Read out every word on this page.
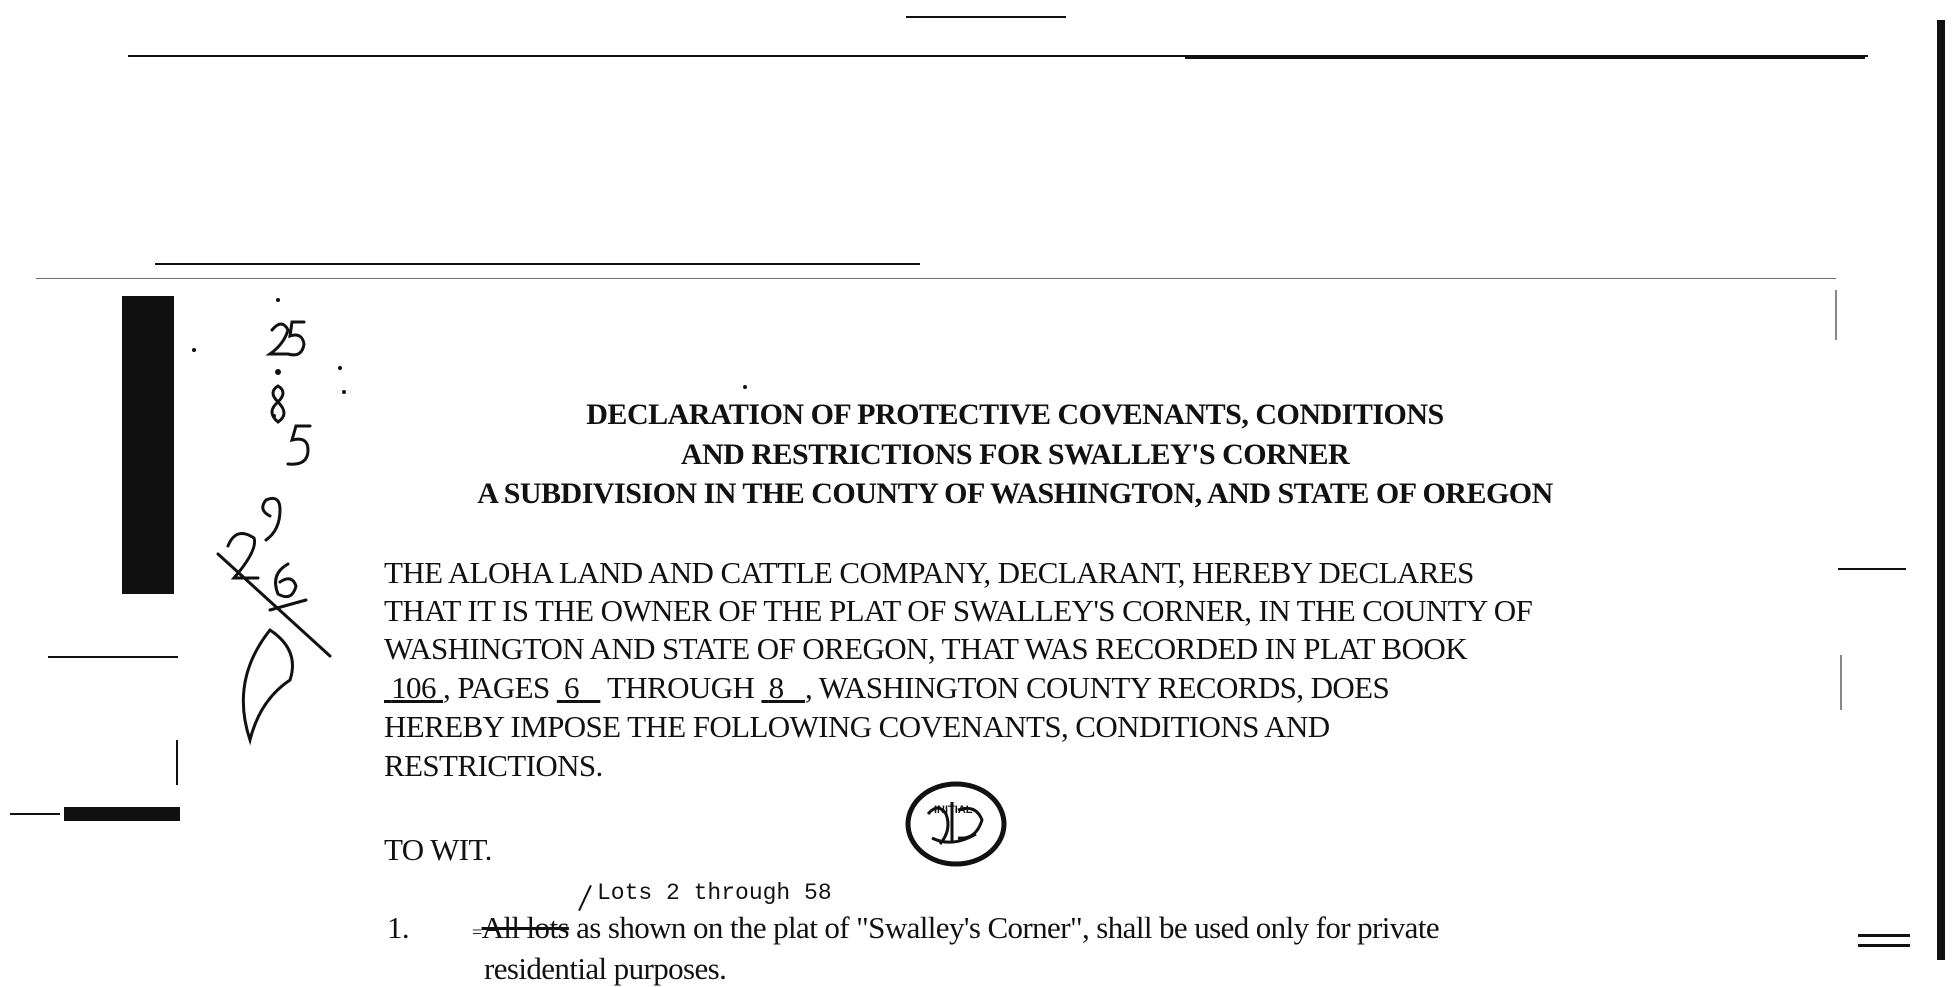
MAR 0 7 1997	DECLARATION OF PROTECTIVE COVENANTS, CONDITIONS
AND RESTRICTIONS FOR SWALLEY'S CORNER
A SUBDIVISION IN THE COUNTY OF WASHINGTON, AND STATE OF OREGON
THE ALOHA LAND AND CATTLE COMPANY, DECLARANT, HEREBY DECLARES
THAT IT IS THE OWNER OF THE PLAT OF SWALLEY'S CORNER, IN THE COUNTY OF
WASHINGTON AND STATE OF OREGON, THAT WAS RECORDED IN PLAT BOOK
106 , PAGES 6 THROUGH 8 , WASHINGTON COUNTY RECORDS, DOES
HEREBY IMPOSE THE FOLLOWING COVENANTS, CONDITIONS AND
RESTRICTIONS.
INITIAL
TO WIT.
Lots 2 through 58
1.	=All lots as shown on the plat of "Swalley's Corner", shall be used only for private
residential purposes.
